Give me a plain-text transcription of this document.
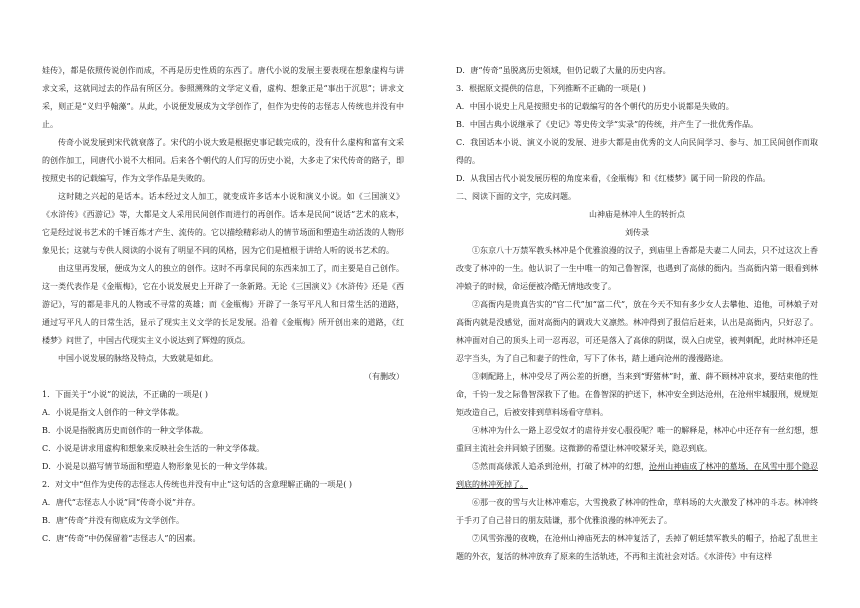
娃传》，都是依照传说创作而成，不再是历史性质的东西了。唐代小说的发展主要表现在想象虚构与讲求文采，这就同过去的作品有所区分。参照溯殊的文学定义看，虚构、想象正是“事出于沉思”；讲求文采，则正是“义归乎翰藻”。从此，小说便发展成为文学创作了，但作为史传的志怪志人传统也并没有中止。

传奇小说发展到宋代就衰落了。宋代的小说大致是根据史事记载完成的，没有什么虚构和富有文采的创作加工，同唐代小说不大相同。后来各个朝代的人们写的历史小说，大多走了宋代传奇的路子，即按照史书的记载编写，作为文学作品是失败的。

这时随之兴起的是话本。话本经过文人加工，就变成许多话本小说和演义小说。如《三国演义》《水浒传》《西游记》等，大都是文人采用民间创作而进行的再创作。话本是民间“说话”艺术的底本，它是经过说书艺术的千锤百炼才产生、流传的。它以描绘精彩动人的情节场面和塑造生动活泼的人物形象见长；这就与专供人阅读的小说有了明显不同的风格，因为它们是植根于讲给人听的说书艺术的。

由这里再发展，便成为文人的独立的创作。这时不再拿民间的东西来加工了，而主要是自己创作。这一类代表作是《金瓶梅》，它在小说发展史上开辟了一条新路。无论《三国演义》《水浒传》还是《西游记》，写的都是非凡的人物或不寻常的英雄；而《金瓶梅》开辟了一条写平凡人和日常生活的道路，通过写平凡人的日常生活，显示了现实主义文学的长足发展。沿着《金瓶梅》所开创出来的道路，《红楼梦》问世了，中国古代现实主义小说达到了辉煌的顶点。

中国小说发展的脉络及特点，大致就是如此。

（有删改）

1．下面关于“小说”的说法，不正确的一项是( )

A．小说是指文人创作的一种文学体裁。

B．小说是指脱离历史而创作的一种文学体裁。

C．小说是讲求用虚构和想象来反映社会生活的一种文学体裁。

D．小说是以描写情节场面和塑造人物形象见长的一种文学体裁。

2．对文中“但作为史传的志怪志人传统也并没有中止”这句话的含意理解正确的一项是( )

A．唐代“志怪志人小说”同“传奇小说”并存。

B．唐“传奇”并没有彻底成为文学创作。

C．唐“传奇”中仍保留着“志怪志人”的因素。

D．唐“传奇”虽脱离历史领域，但仍记载了大量的历史内容。

3．根据原文提供的信息，下列推断不正确的一项是( )

A．中国小说史上凡是按照史书的记载编写的各个朝代的历史小说都是失败的。

B．中国古典小说继承了《史记》等史传文学“实录”的传统，并产生了一批优秀作品。

C．我国话本小说、演义小说的发展、进步大都是由优秀的文人向民间学习、参与、加工民间创作而取得的。

D．从我国古代小说发展历程的角度来看，《金瓶梅》和《红楼梦》属于同一阶段的作品。

二、阅读下面的文字，完成问题。

山神庙是林冲人生的转折点

刘传录

①东京八十万禁军教头林冲是个优雅浪漫的汉子，到庙里上香都是夫妻二人同去，只不过这次上香改变了林冲的一生。他认识了一生中唯一的知己鲁智深，也遇到了高俅的衙内。当高衙内第一眼看到林冲娘子的时候，命运便被冷酷无情地改变了。

②高衙内是贵真告实的“官二代”加“富二代”，放在今天不知有多少女人去攀他、追他，可林娘子对高衙内就是没感觉，面对高衙内的调戏大义凛然。林冲得到了报信后赶来，认出是高衙内，只好忍了。林冲面对自己的顶头上司一忍再忍，可还是落入了高俅的阴谋，误入白虎堂，被判刺配，此时林冲还是忍字当头，为了自己和妻子的性命，写下了休书，踏上通向沧州的漫漫路途。

③刺配路上，林冲受尽了两公差的折磨，当来到“野猪林”时，董、薛不顾林冲哀求，要结束他的性命，千钧一发之际鲁智深救下了他。在鲁智深的护送下，林冲安全到达沧州，在沧州牢城服刑，规规矩矩改造自己，后被安排到草料场看守草料。

④林冲为什么一路上忍受奴才的虐待并安心服役呢？唯一的解释是，林冲心中还存有一丝幻想，想重回主流社会并同娘子团聚。这微渺的希望让林冲咬紧牙关，隐忍到底。

⑤然而高俅派人追杀到沧州，打破了林冲的幻想，沧州山神庙成了林冲的墓场，在风雪中那个隐忍到底的林冲死掉了。

⑥那一夜的雪与火让林冲难忘，大雪挽救了林冲的性命，草料场的大火激发了林冲的斗志。林冲终于手刃了自己昔日的朋友陆谦，那个优雅浪漫的林冲死去了。

⑦风雪弥漫的夜晚，在沧州山神庙死去的林冲复活了，丢掉了朝廷禁军教头的帽子，拾起了乱世主题的外衣，复活的林冲放弃了原来的生活轨迹，不再和主流社会对话。《水浒传》中有这样
